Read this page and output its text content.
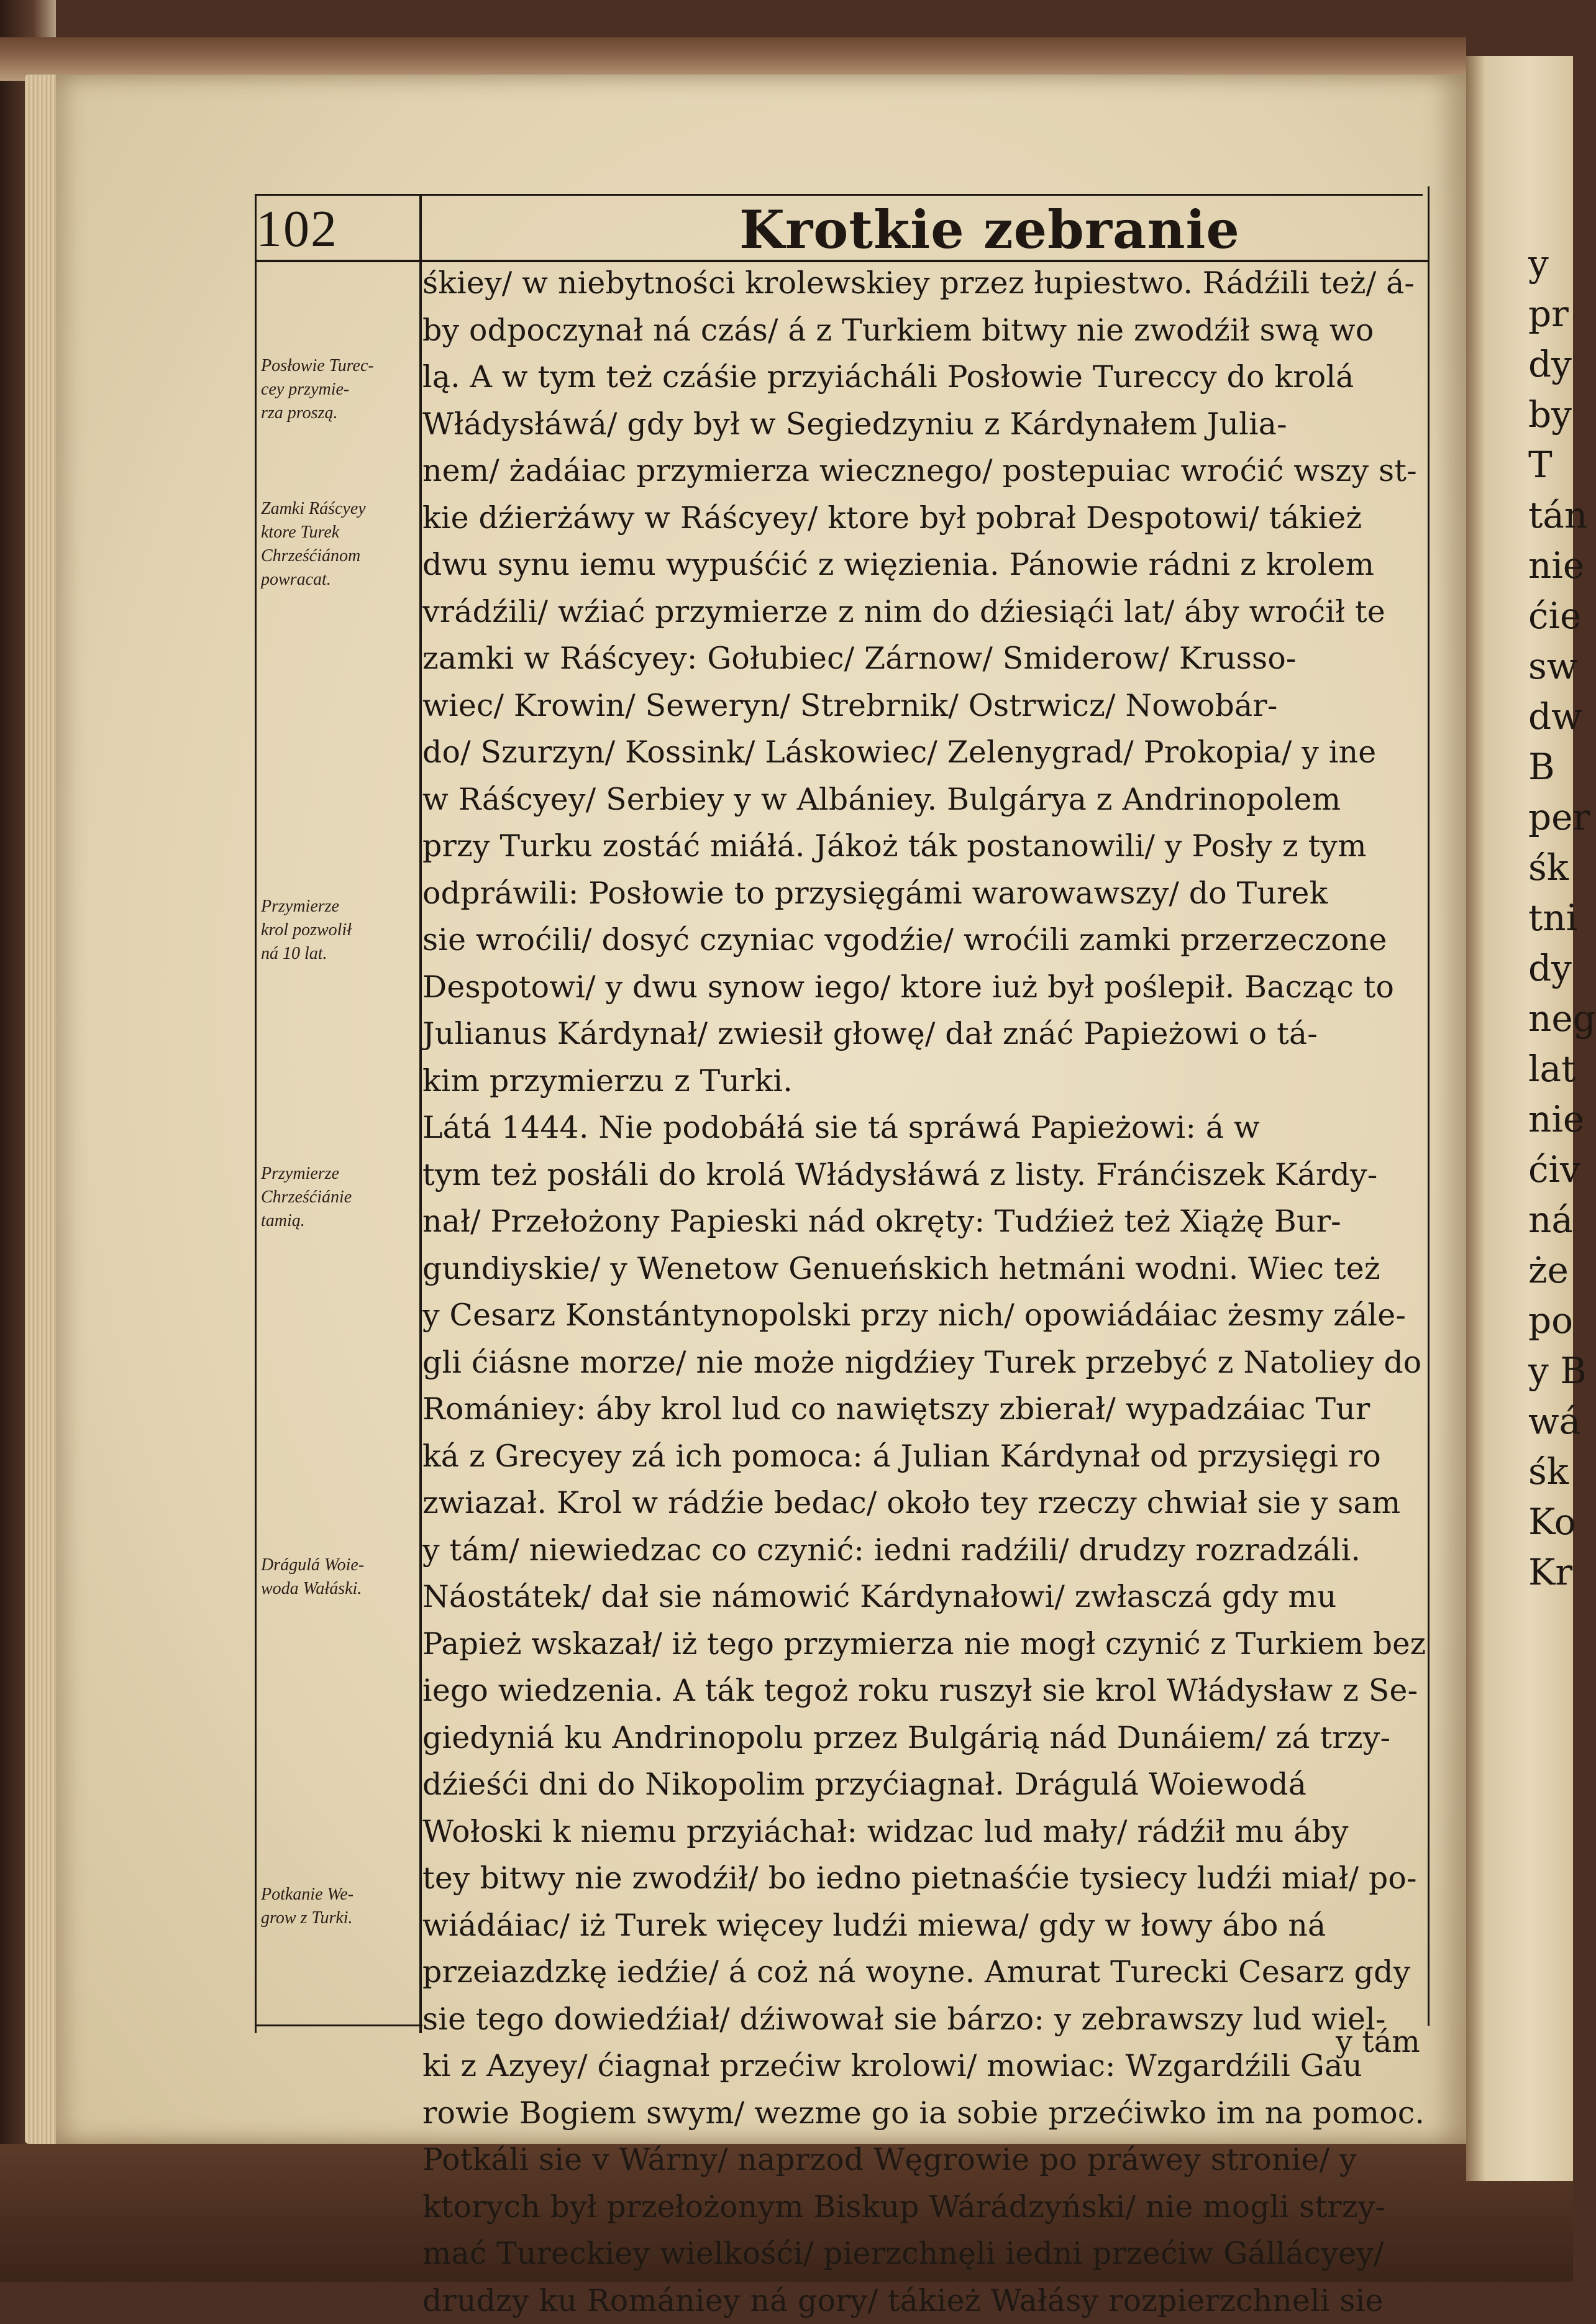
y
pr
dy
by
T
tán
nie
ćie
sw
dw
B
per
śk
tni
dy
neg
lat
nie
ćiv
ná
że
po
y B
wá
śk
Ko
Kr
102	Krotkie zebranie
Posłowie Turec-
cey przymie-
rza proszą.
Zamki Ráścyey
ktore Turek
Chrześćiánom
powracat.
Przymierze
krol pozwolił
ná 10 lat.
Przymierze
Chrześćiánie
tamią.
Drágulá Woie-
woda Wałáski.
Potkanie We-
grow z Turki.
śkiey/ w niebytności krolewskiey przez łupiestwo. Rádźili też/ á-
by odpoczynał ná czás/ á z Turkiem bitwy nie zwodźił swą wo
lą. A w tym też czáśie przyiácháli Posłowie Tureccy do krolá
Włádysłáwá/ gdy był w Segiedzyniu z Kárdynałem Julia-
nem/ żadáiac przymierza wiecznego/ postepuiac wroćić wszy st-
kie dźierżáwy w Ráścyey/ ktore był pobrał Despotowi/ tákież
dwu synu iemu wypuśćić z więzienia. Pánowie rádni z krolem
vrádźili/ wźiać przymierze z nim do dźiesiąći lat/ áby wroćił te
zamki w Ráścyey: Gołubiec/ Zárnow/ Smiderow/ Krusso-
wiec/ Krowin/ Seweryn/ Strebrnik/ Ostrwicz/ Nowobár-
do/ Szurzyn/ Kossink/ Láskowiec/ Zelenygrad/ Prokopia/ y ine
w Ráścyey/ Serbiey y w Albániey. Bulgárya z Andrinopolem
przy Turku zostáć miáłá. Jákoż ták postanowili/ y Posły z tym
odpráwili: Posłowie to przysięgámi warowawszy/ do Turek
sie wroćili/ dosyć czyniac vgodźie/ wroćili zamki przerzeczone
Despotowi/ y dwu synow iego/ ktore iuż był poślepił. Bacząc to
Julianus Kárdynał/ zwiesił głowę/ dał znáć Papieżowi o tá-
kim przymierzu z Turki.
Látá 1444. Nie podobáłá sie tá spráwá Papieżowi: á w
tym też posłáli do krolá Włádysłáwá z listy. Fránćiszek Kárdy-
nał/ Przełożony Papieski nád okręty: Tudźież też Xiążę Bur-
gundiyskie/ y Wenetow Genueńskich hetmáni wodni. Wiec też
y Cesarz Konstántynopolski przy nich/ opowiádáiac żesmy zále-
gli ćiásne morze/ nie może nigdźiey Turek przebyć z Natoliey do
Romániey: áby krol lud co nawiętszy zbierał/ wypadzáiac Tur
ká z Grecyey zá ich pomoca: á Julian Kárdynał od przysięgi ro
zwiazał. Krol w rádźie bedac/ około tey rzeczy chwiał sie y sam
y tám/ niewiedzac co czynić: iedni radźili/ drudzy rozradzáli.
Náostátek/ dał sie námowić Kárdynałowi/ zwłasczá gdy mu
Papież wskazał/ iż tego przymierza nie mogł czynić z Turkiem bez
iego wiedzenia. A ták tegoż roku ruszył sie krol Włádysław z Se-
giedyniá ku Andrinopolu przez Bulgárią nád Dunáiem/ zá trzy-
dźieśći dni do Nikopolim przyćiagnał. Drágulá Woiewodá
Wołoski k niemu przyiáchał: widzac lud mały/ rádźił mu áby
tey bitwy nie zwodźił/ bo iedno pietnaśćie tysiecy ludźi miał/ po-
wiádáiac/ iż Turek więcey ludźi miewa/ gdy w łowy ábo ná
przeiazdzkę iedźie/ á coż ná woyne. Amurat Turecki Cesarz gdy
sie tego dowiedźiał/ dźiwował sie bárzo: y zebrawszy lud wiel-
ki z Azyey/ ćiagnał przećiw krolowi/ mowiac: Wzgardźili Gau
rowie Bogiem swym/ wezme go ia sobie przećiwko im na pomoc.
Potkáli sie v Wárny/ naprzod Węgrowie po práwey stronie/ y
ktorych był przełożonym Biskup Wárádzyński/ nie mogli strzy-
mać Tureckiey wielkośći/ pierzchnęli iedni przećiw Gállácyey/
drudzy ku Romániey ná gory/ tákież Wałásy rozpierzchneli sie
y tám
